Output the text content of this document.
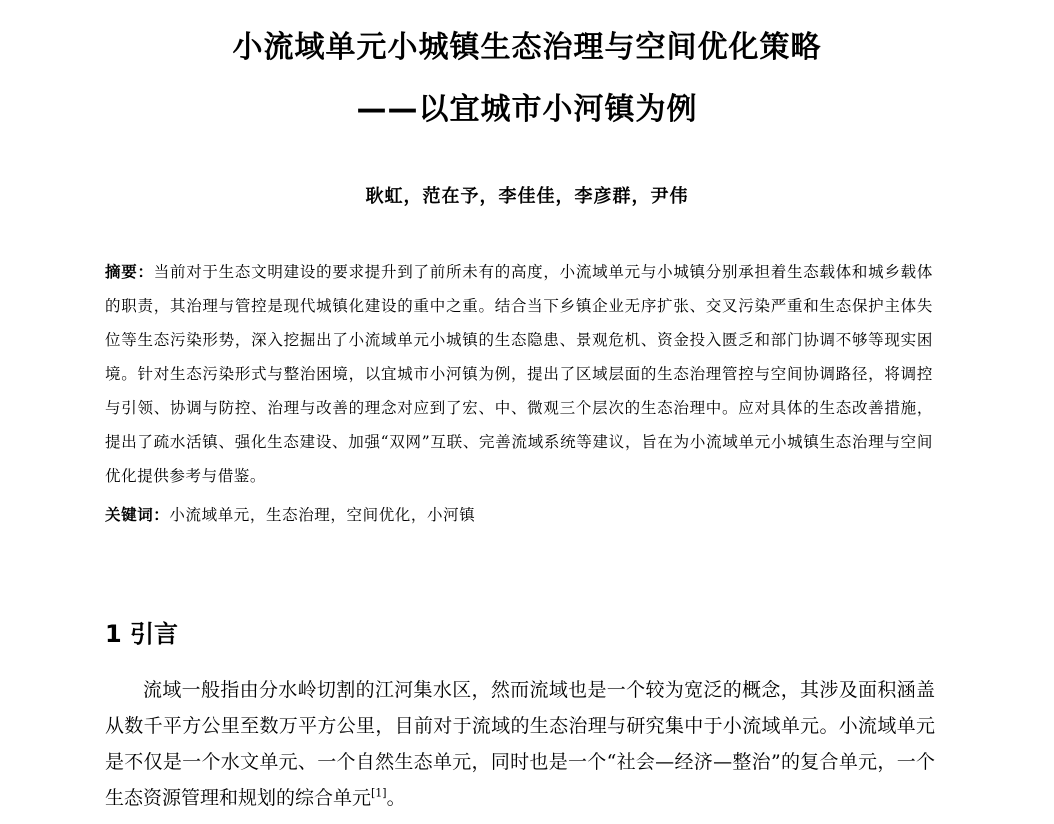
小流域单元小城镇生态治理与空间优化策略
——以宜城市小河镇为例
耿虹，范在予，李佳佳，李彦群，尹伟
摘要：当前对于生态文明建设的要求提升到了前所未有的高度，小流域单元与小城镇分别承担着生态载体和城乡载体的职责，其治理与管控是现代城镇化建设的重中之重。结合当下乡镇企业无序扩张、交叉污染严重和生态保护主体失位等生态污染形势，深入挖掘出了小流域单元小城镇的生态隐患、景观危机、资金投入匮乏和部门协调不够等现实困境。针对生态污染形式与整治困境，以宜城市小河镇为例，提出了区域层面的生态治理管控与空间协调路径，将调控与引领、协调与防控、治理与改善的理念对应到了宏、中、微观三个层次的生态治理中。应对具体的生态改善措施，提出了疏水活镇、强化生态建设、加强“双网”互联、完善流域系统等建议，旨在为小流域单元小城镇生态治理与空间优化提供参考与借鉴。
关键词：小流域单元，生态治理，空间优化，小河镇
1 引言
流域一般指由分水岭切割的江河集水区，然而流域也是一个较为宽泛的概念，其涉及面积涵盖从数千平方公里至数万平方公里，目前对于流域的生态治理与研究集中于小流域单元。小流域单元是不仅是一个水文单元、一个自然生态单元，同时也是一个“社会—经济—整治”的复合单元，一个生态资源管理和规划的综合单元[1]。
